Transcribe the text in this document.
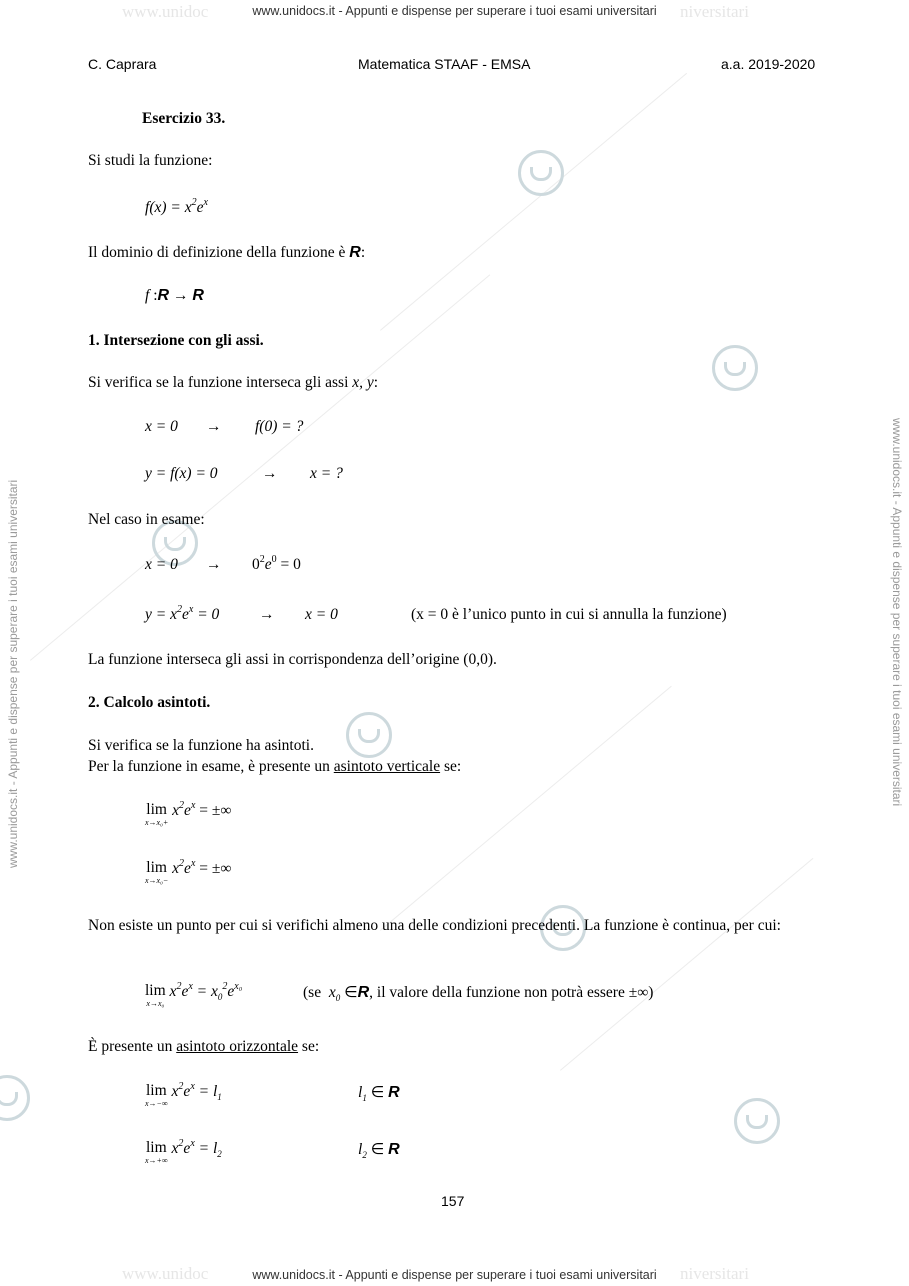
www.unidoc	niversitari
www.unidocs.it - Appunti e dispense per superare i tuoi esami universitari
www.unidoc	niversitari
www.unidocs.it - Appunti e dispense per superare i tuoi esami universitari
www.unidocs.it - Appunti e dispense per superare i tuoi esami universitari	www.unidocs.it - Appunti e dispense per superare i tuoi esami universitari
C. Caprara	Matematica STAAF - EMSA	a.a. 2019-2020
Esercizio 33.
Si studi la funzione:
$f(x) = x^2e^x$
Il dominio di definizione della funzione è R:
f :R → R
1. Intersezione con gli assi.
Si verifica se la funzione interseca gli assi x, y:
x = 0 → f(0) = ?
y = f(x) = 0	→ x = ?
Nel caso in esame:
$x = 0 \to 0^2e^0 = 0$
$y = x^2e^x = 0$	→ x = 0	(x = 0 è l’unico punto in cui si annulla la funzione)
La funzione interseca gli assi in corrispondenza dell’origine (0,0).
2. Calcolo asintoti.
Si verifica se la funzione ha asintoti.
Per la funzione in esame, è presente un asintoto verticale se:
lim
x→x₀+
$x^2e^x$ = ±∞
lim
x→x₀−
$x^2e^x$ = ±∞
Non esiste un punto per cui si verifichi almeno una delle condizioni precedenti. La funzione è continua, per cui:
lim
x→x₀
$x^2e^x = x_0^2e^{x_0}$	(se $x_0$ ∈R, il valore della funzione non potrà essere ±∞)
È presente un asintoto orizzontale se:
lim
x→−∞
$x^2e^x = l_1$	$l_1$ ∈ R
lim
x→+∞
$x^2e^x = l_2$	$l_2$ ∈ R
157
